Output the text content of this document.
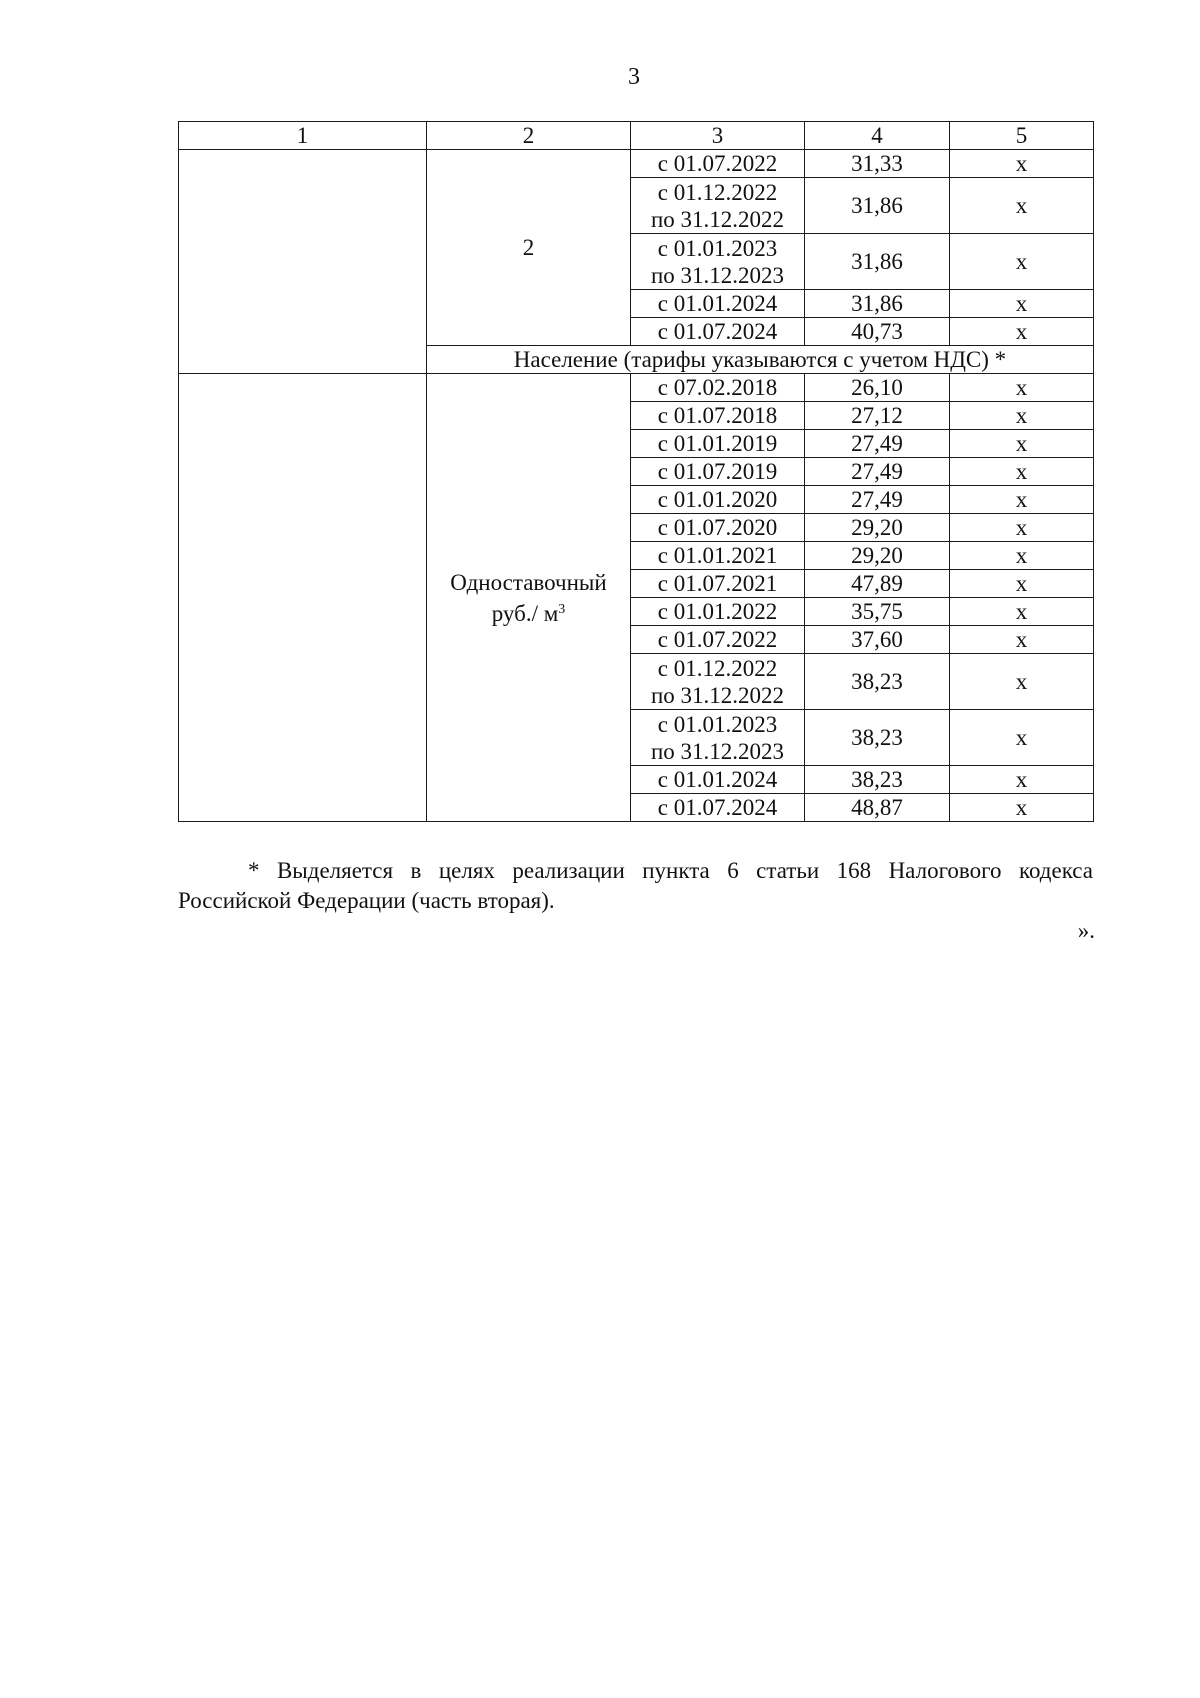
3
1	2	3	4	5
	2	с 01.07.2022	31,33	х
		с 01.12.2022
по 31.12.2022	31,86	х
		с 01.01.2023
по 31.12.2023	31,86	х
		с 01.01.2024	31,86	х
		с 01.07.2024	40,73	х
	Население (тарифы указываются с учетом НДС) *			
	Одноставочный
руб./ $м^3$	с 07.02.2018	26,10	х
		с 01.07.2018	27,12	х
		с 01.01.2019	27,49	х
		с 01.07.2019	27,49	х
		с 01.01.2020	27,49	х
		с 01.07.2020	29,20	х
		с 01.01.2021	29,20	х
		с 01.07.2021	47,89	х
		с 01.01.2022	35,75	х
		с 01.07.2022	37,60	х
		с 01.12.2022
по 31.12.2022	38,23	х
		с 01.01.2023
по 31.12.2023	38,23	х
		с 01.01.2024	38,23	х
		с 01.07.2024	48,87	х
* Выделяется в целях реализации пункта 6 статьи 168 Налогового кодекса Российской Федерации (часть вторая).
».
